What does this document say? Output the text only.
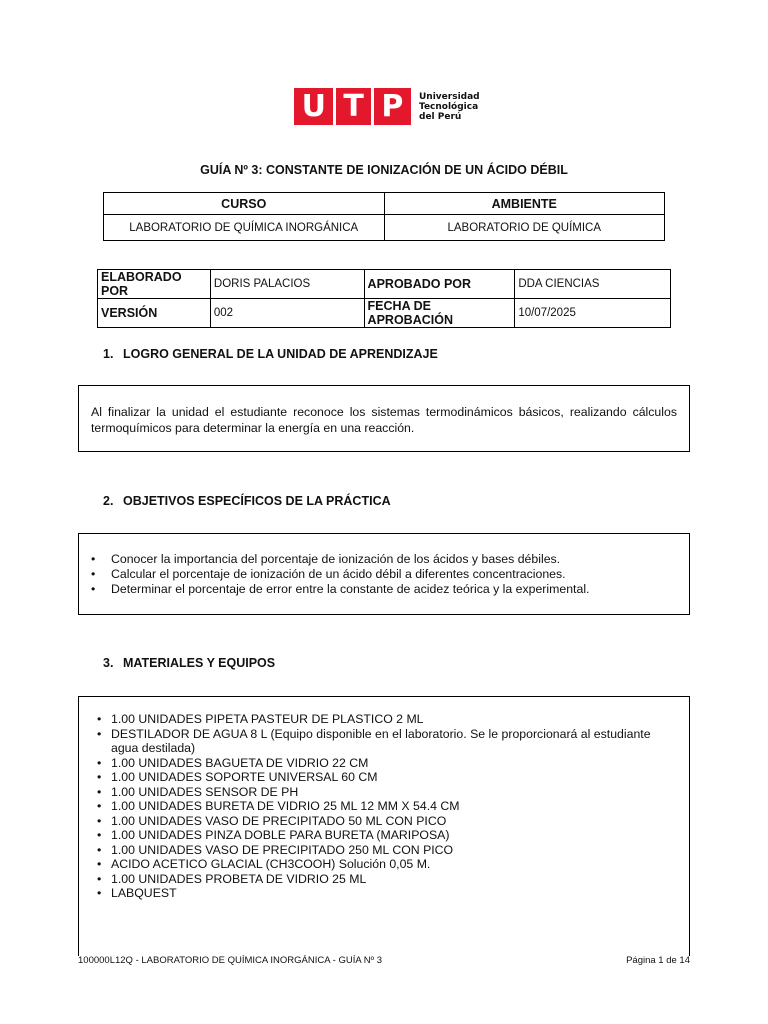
U T P Universidad
Tecnológica
del Perú
GUÍA Nº 3: CONSTANTE DE IONIZACIÓN DE UN ÁCIDO DÉBIL
CURSO	AMBIENTE
LABORATORIO DE QUÍMICA INORGÁNICA	LABORATORIO DE QUÍMICA
ELABORADO POR	DORIS PALACIOS	APROBADO POR	DDA CIENCIAS
VERSIÓN	002	FECHA DE APROBACIÓN	10/07/2025
1. LOGRO GENERAL DE LA UNIDAD DE APRENDIZAJE

Al finalizar la unidad el estudiante reconoce los sistemas termodinámicos básicos, realizando cálculos termoquímicos para determinar la energía en una reacción.

2. OBJETIVOS ESPECÍFICOS DE LA PRÁCTICA
• Conocer la importancia del porcentaje de ionización de los ácidos y bases débiles.
• Calcular el porcentaje de ionización de un ácido débil a diferentes concentraciones.
• Determinar el porcentaje de error entre la constante de acidez teórica y la experimental.
3. MATERIALES Y EQUIPOS
• 1.00 UNIDADES PIPETA PASTEUR DE PLASTICO 2 ML
• DESTILADOR DE AGUA 8 L (Equipo disponible en el laboratorio. Se le proporcionará al estudiante agua destilada)
• 1.00 UNIDADES BAGUETA DE VIDRIO 22 CM
• 1.00 UNIDADES SOPORTE UNIVERSAL 60 CM
• 1.00 UNIDADES SENSOR DE PH
• 1.00 UNIDADES BURETA DE VIDRIO 25 ML 12 MM X 54.4 CM
• 1.00 UNIDADES VASO DE PRECIPITADO 50 ML CON PICO
• 1.00 UNIDADES PINZA DOBLE PARA BURETA (MARIPOSA)
• 1.00 UNIDADES VASO DE PRECIPITADO 250 ML CON PICO
• ACIDO ACETICO GLACIAL (CH3COOH) Solución 0,05 M.
• 1.00 UNIDADES PROBETA DE VIDRIO 25 ML
• LABQUEST
100000L12Q - LABORATORIO DE QUÍMICA INORGÁNICA - GUÍA Nº 3	Página 1 de 14
